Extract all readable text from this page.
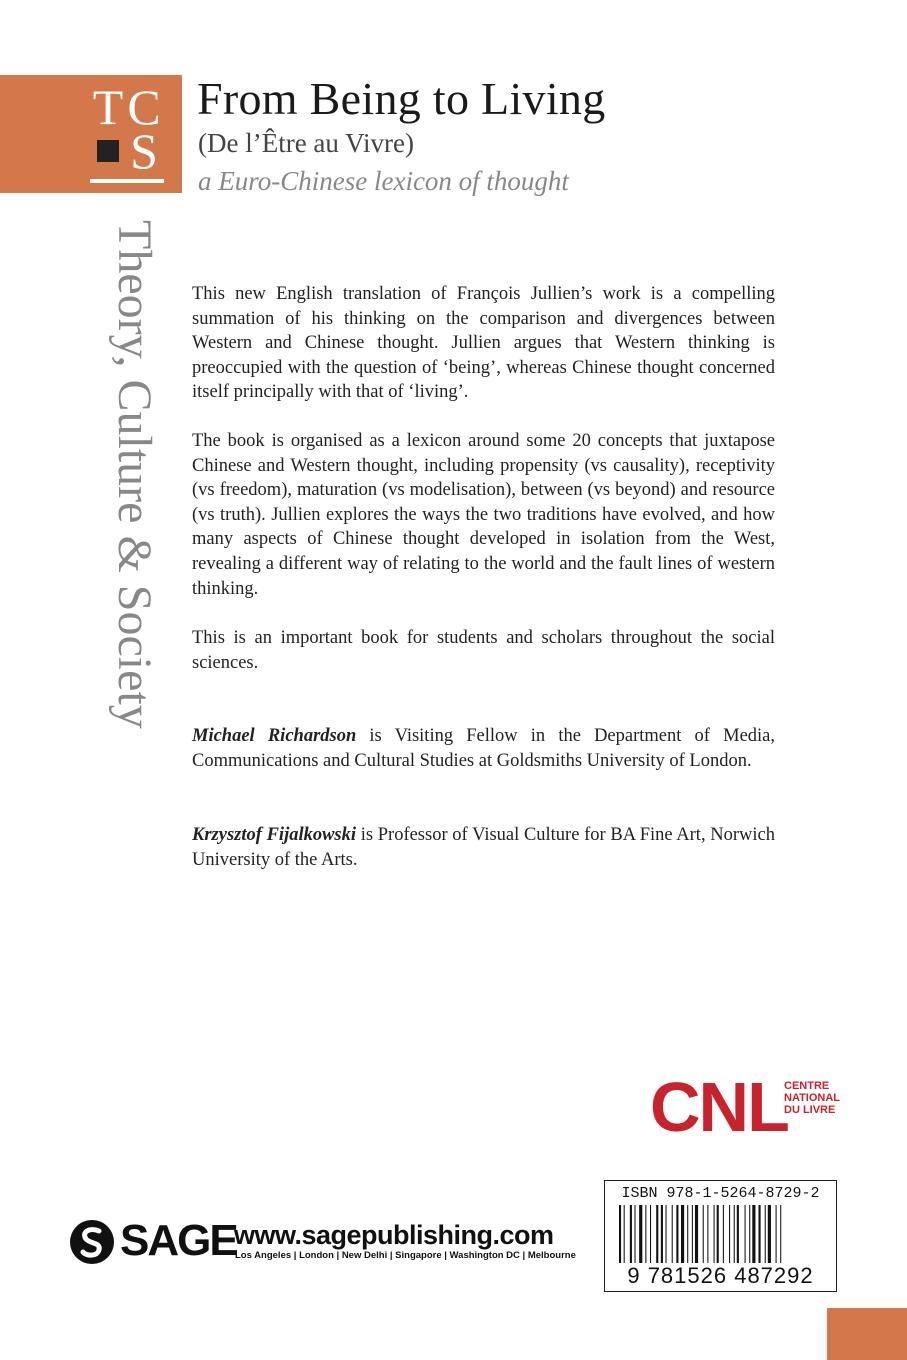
T C
S
From Being to Living
(De l’Être au Vivre)
a Euro-Chinese lexicon of thought
Theory, Culture & Society This new English translation of François Jullien’s work is a compelling summation of his thinking on the comparison and divergences between Western and Chinese thought. Jullien argues that Western thinking is preoccupied with the question of ‘being’, whereas Chinese thought concerned itself principally with that of ‘living’.

The book is organised as a lexicon around some 20 concepts that juxtapose Chinese and Western thought, including propensity (vs causality), receptivity (vs freedom), maturation (vs modelisation), between (vs beyond) and resource (vs truth). Jullien explores the ways the two traditions have evolved, and how many aspects of Chinese thought developed in isolation from the West, revealing a different way of relating to the world and the fault lines of western thinking.

This is an important book for students and scholars throughout the social sciences.

Michael Richardson is Visiting Fellow in the Department of Media, Communications and Cultural Studies at Goldsmiths University of London.

Krzysztof Fijalkowski is Professor of Visual Culture for BA Fine Art, Norwich University of the Arts.

CNL
CENTRE
NATIONAL
DU LIVRE
ISBN 978-1-5264-8729-2
9 781526 487292
SAGE
www.sagepublishing.com
Los Angeles | London | New Delhi | Singapore | Washington DC | Melbourne
